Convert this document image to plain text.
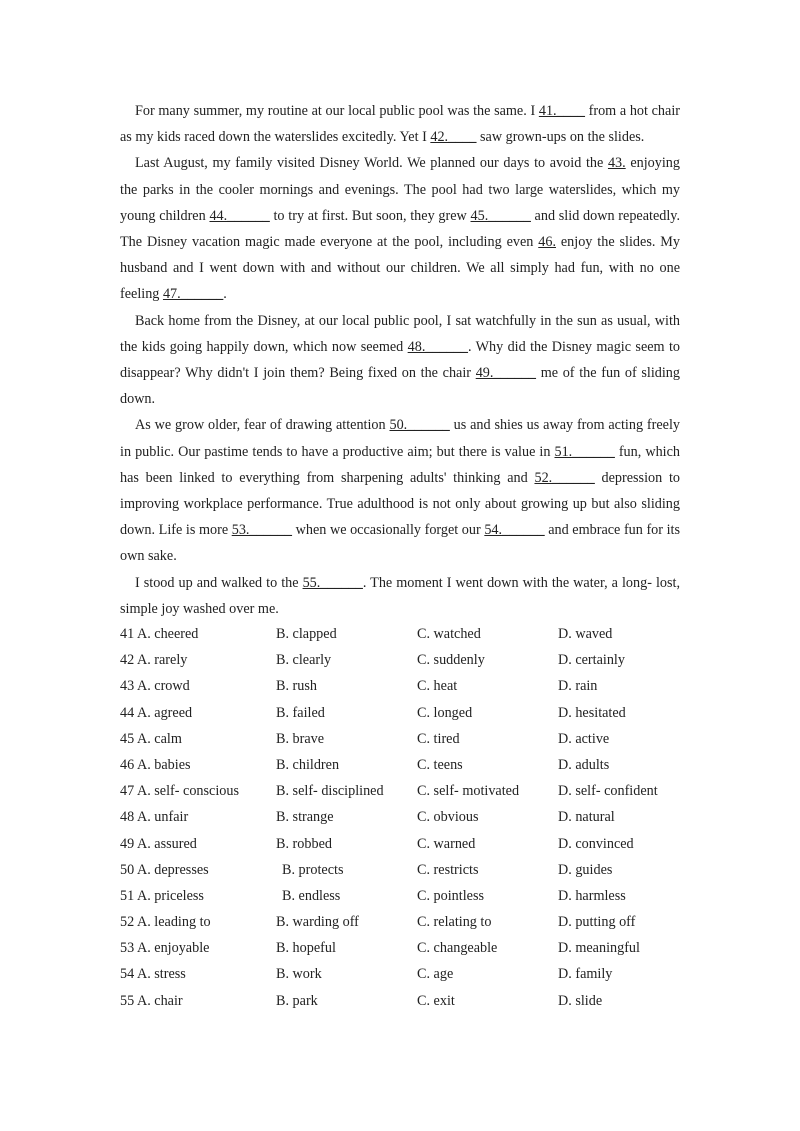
For many summer, my routine at our local public pool was the same. I 41.____ from a hot chair as my kids raced down the waterslides excitedly. Yet I 42.____ saw grown-ups on the slides.

Last August, my family visited Disney World. We planned our days to avoid the 43. enjoying the parks in the cooler mornings and evenings. The pool had two large waterslides, which my young children 44.______ to try at first. But soon, they grew 45.______ and slid down repeatedly. The Disney vacation magic made everyone at the pool, including even 46. enjoy the slides. My husband and I went down with and without our children. We all simply had fun, with no one feeling 47.______.

Back home from the Disney, at our local public pool, I sat watchfully in the sun as usual, with the kids going happily down, which now seemed 48.______. Why did the Disney magic seem to disappear? Why didn't I join them? Being fixed on the chair 49.______ me of the fun of sliding down.

As we grow older, fear of drawing attention 50.______ us and shies us away from acting freely in public. Our pastime tends to have a productive aim; but there is value in 51.______ fun, which has been linked to everything from sharpening adults' thinking and 52.______ depression to improving workplace performance. True adulthood is not only about growing up but also sliding down. Life is more 53.______ when we occasionally forget our 54.______ and embrace fun for its own sake.

I stood up and walked to the 55.______. The moment I went down with the water, a long- lost, simple joy washed over me.

41 A. cheered	B. clapped	C. watched	D. waved
42 A. rarely	B. clearly	C. suddenly	D. certainly
43 A. crowd	B. rush	C. heat	D. rain
44 A. agreed	B. failed	C. longed	D. hesitated
45 A. calm	B. brave	C. tired	D. active
46 A. babies	B. children	C. teens	D. adults
47 A. self- conscious	B. self- disciplined C. self- motivated	D. self- confident
48 A. unfair	B. strange	C. obvious	D. natural
49 A. assured	B. robbed	C. warned	D. convinced
50 A. depresses	B. protects	C. restricts	D. guides
51 A. priceless	B. endless	C. pointless	D. harmless
52 A. leading to	B. warding off	C. relating to	D. putting off
53 A. enjoyable	B. hopeful	C. changeable	D. meaningful
54 A. stress	B. work	C. age	D. family
55 A. chair	B. park	C. exit	D. slide
